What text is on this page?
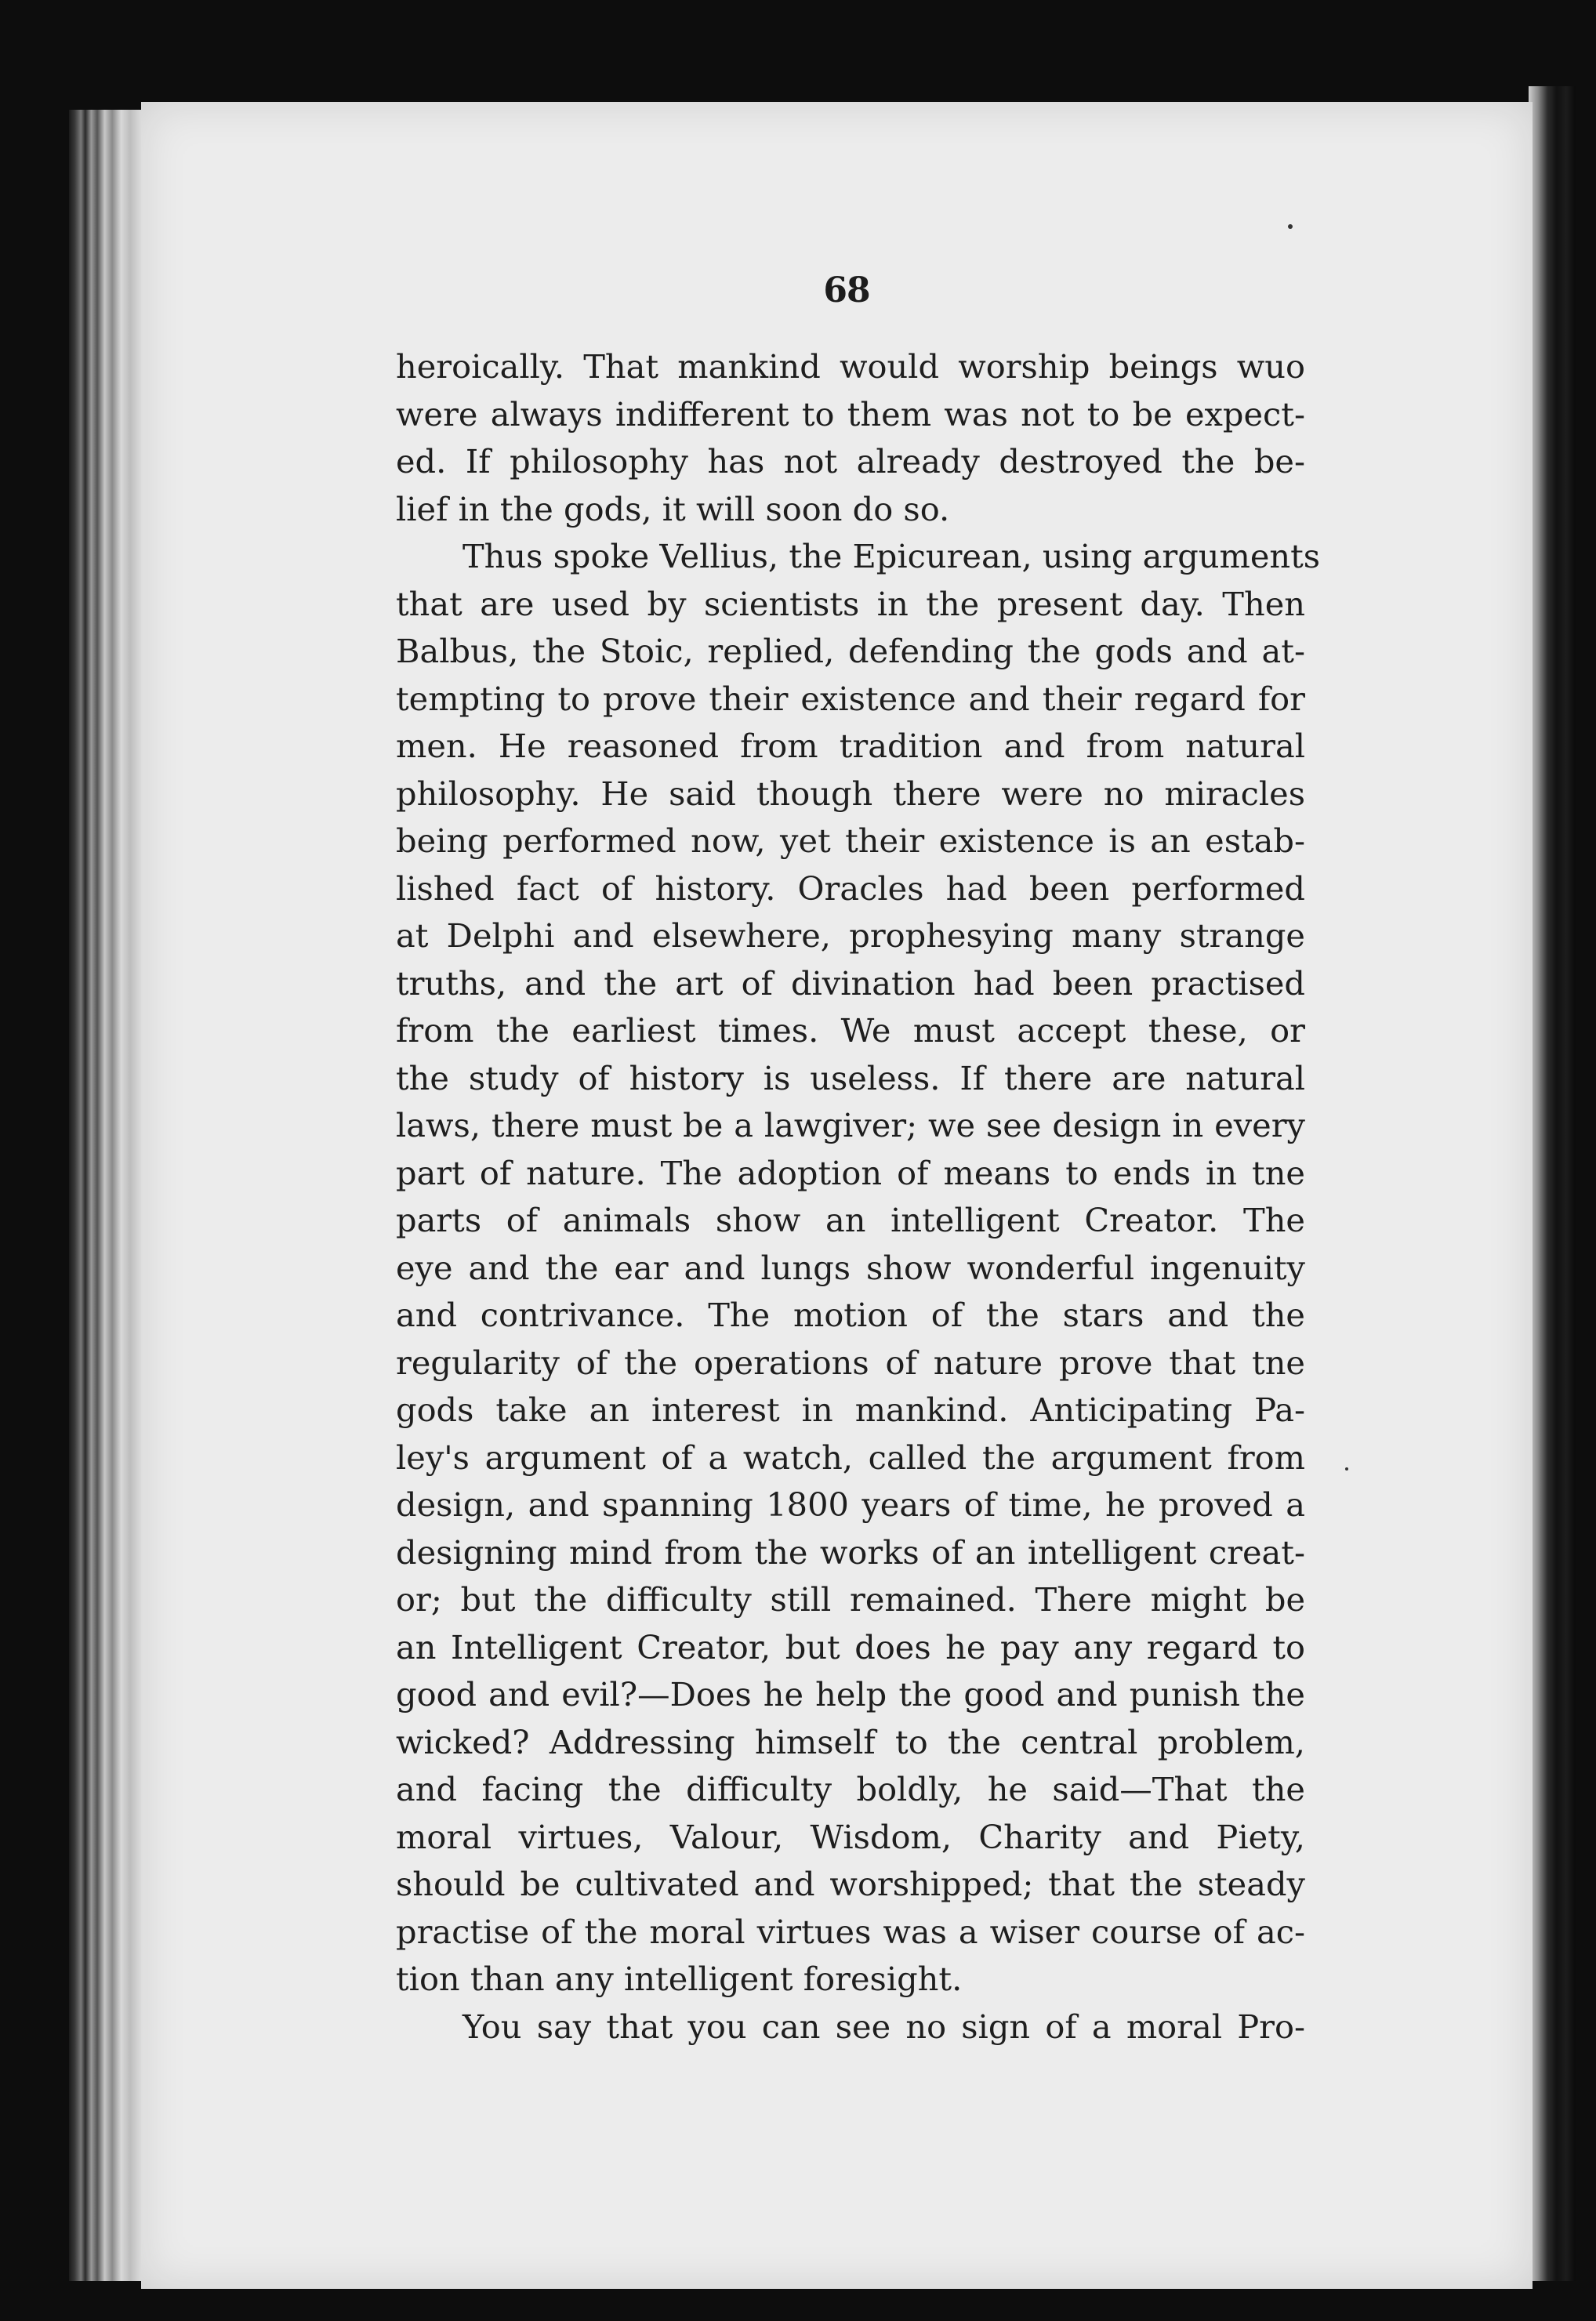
68
heroically. That mankind would worship beings wuo
were always indifferent to them was not to be expect-
ed. If philosophy has not already destroyed the be-
lief in the gods, it will soon do so.
Thus spoke Vellius, the Epicurean, using arguments
that are used by scientists in the present day. Then
Balbus, the Stoic, replied, defending the gods and at-
tempting to prove their existence and their regard for
men. He reasoned from tradition and from natural
philosophy. He said though there were no miracles
being performed now, yet their existence is an estab-
lished fact of history. Oracles had been performed
at Delphi and elsewhere, prophesying many strange
truths, and the art of divination had been practised
from the earliest times. We must accept these, or
the study of history is useless. If there are natural
laws, there must be a lawgiver; we see design in every
part of nature. The adoption of means to ends in tne
parts of animals show an intelligent Creator. The
eye and the ear and lungs show wonderful ingenuity
and contrivance. The motion of the stars and the
regularity of the operations of nature prove that tne
gods take an interest in mankind. Anticipating Pa-
ley's argument of a watch, called the argument from
design, and spanning 1800 years of time, he proved a
designing mind from the works of an intelligent creat-
or; but the difficulty still remained. There might be
an Intelligent Creator, but does he pay any regard to
good and evil?—Does he help the good and punish the
wicked? Addressing himself to the central problem,
and facing the difficulty boldly, he said—That the
moral virtues, Valour, Wisdom, Charity and Piety,
should be cultivated and worshipped; that the steady
practise of the moral virtues was a wiser course of ac-
tion than any intelligent foresight.
You say that you can see no sign of a moral Pro-
